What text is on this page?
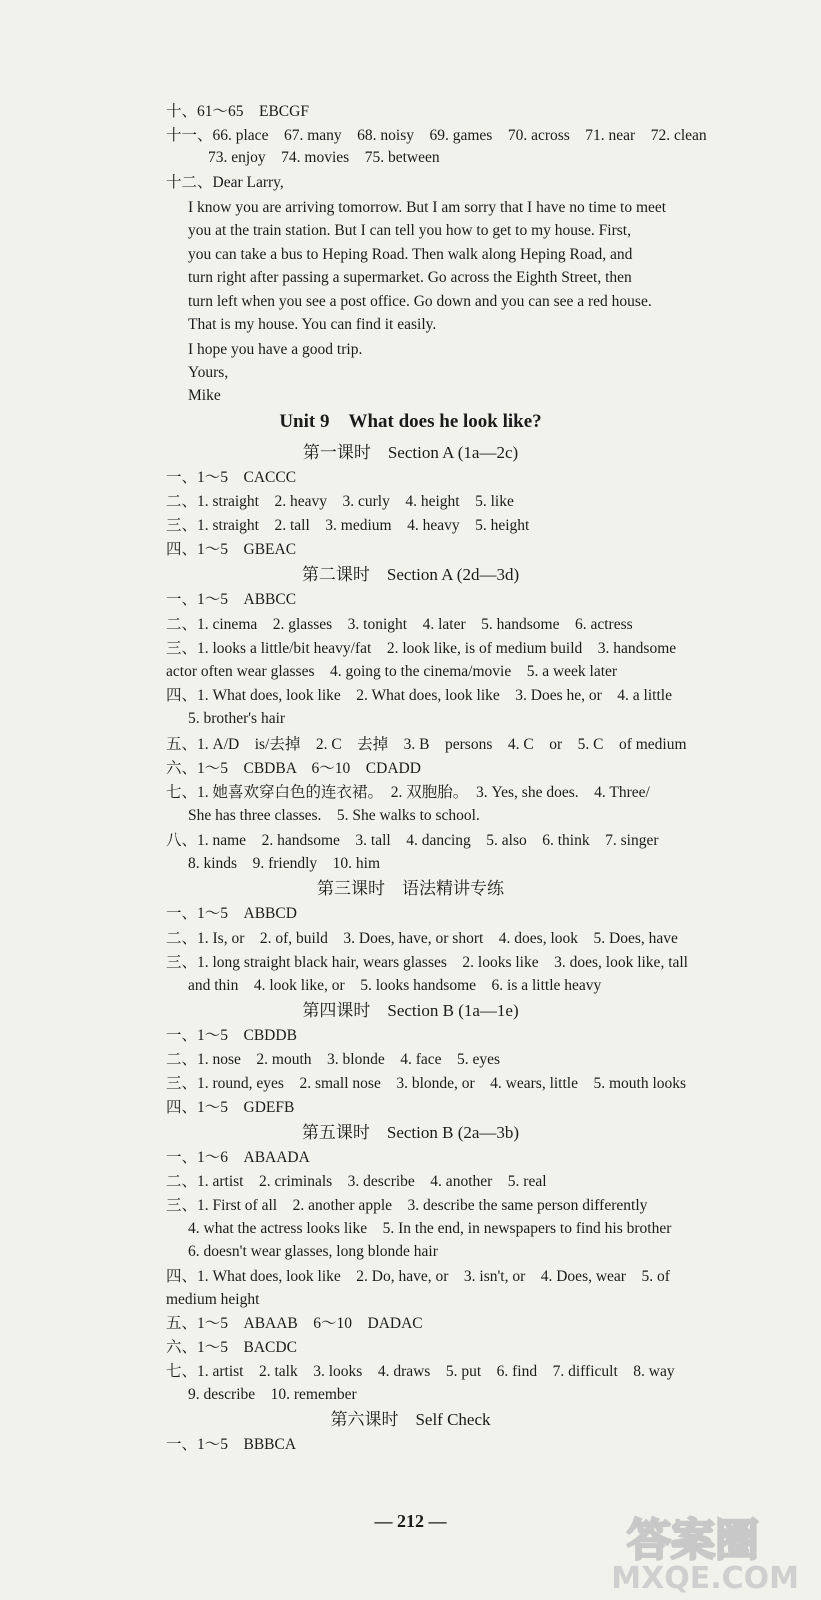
十、61～65　EBCGF
十一、66. place　67. many　68. noisy　69. games　70. across　71. near　72. clean
73. enjoy　74. movies　75. between
十二、Dear Larry,
I know you are arriving tomorrow. But I am sorry that I have no time to meet
you at the train station. But I can tell you how to get to my house. First,
you can take a bus to Heping Road. Then walk along Heping Road, and
turn right after passing a supermarket. Go across the Eighth Street, then
turn left when you see a post office. Go down and you can see a red house.
That is my house. You can find it easily.
I hope you have a good trip.
Yours,
Mike
Unit 9　What does he look like?
第一课时　Section A (1a—2c)
一、1～5　CACCC
二、1. straight　2. heavy　3. curly　4. height　5. like
三、1. straight　2. tall　3. medium　4. heavy　5. height
四、1～5　GBEAC
第二课时　Section A (2d—3d)
一、1～5　ABBCC
二、1. cinema　2. glasses　3. tonight　4. later　5. handsome　6. actress
三、1. looks a little/bit heavy/fat　2. look like, is of medium build　3. handsome
actor often wear glasses　4. going to the cinema/movie　5. a week later
四、1. What does, look like　2. What does, look like　3. Does he, or　4. a little
5. brother's hair
五、1. A/D　is/去掉　2. C　去掉　3. B　persons　4. C　or　5. C　of medium
六、1～5　CBDBA　6～10　CDADD
七、1. 她喜欢穿白色的连衣裙。　2. 双胞胎。　3. Yes, she does.　4. Three/
She has three classes.　5. She walks to school.
八、1. name　2. handsome　3. tall　4. dancing　5. also　6. think　7. singer
8. kinds　9. friendly　10. him
第三课时　语法精讲专练
一、1～5　ABBCD
二、1. Is, or　2. of, build　3. Does, have, or short　4. does, look　5. Does, have
三、1. long straight black hair, wears glasses　2. looks like　3. does, look like, tall
and thin　4. look like, or　5. looks handsome　6. is a little heavy
第四课时　Section B (1a—1e)
一、1～5　CBDDB
二、1. nose　2. mouth　3. blonde　4. face　5. eyes
三、1. round, eyes　2. small nose　3. blonde, or　4. wears, little　5. mouth looks
四、1～5　GDEFB
第五课时　Section B (2a—3b)
一、1～6　ABAADA
二、1. artist　2. criminals　3. describe　4. another　5. real
三、1. First of all　2. another apple　3. describe the same person differently
4. what the actress looks like　5. In the end, in newspapers to find his brother
6. doesn't wear glasses, long blonde hair
四、1. What does, look like　2. Do, have, or　3. isn't, or　4. Does, wear　5. of
medium height
五、1～5　ABAAB　6～10　DADAC
六、1～5　BACDC
七、1. artist　2. talk　3. looks　4. draws　5. put　6. find　7. difficult　8. way
9. describe　10. remember
第六课时　Self Check
一、1～5　BBBCA
— 212 —	答案圈
MXQE.COM
